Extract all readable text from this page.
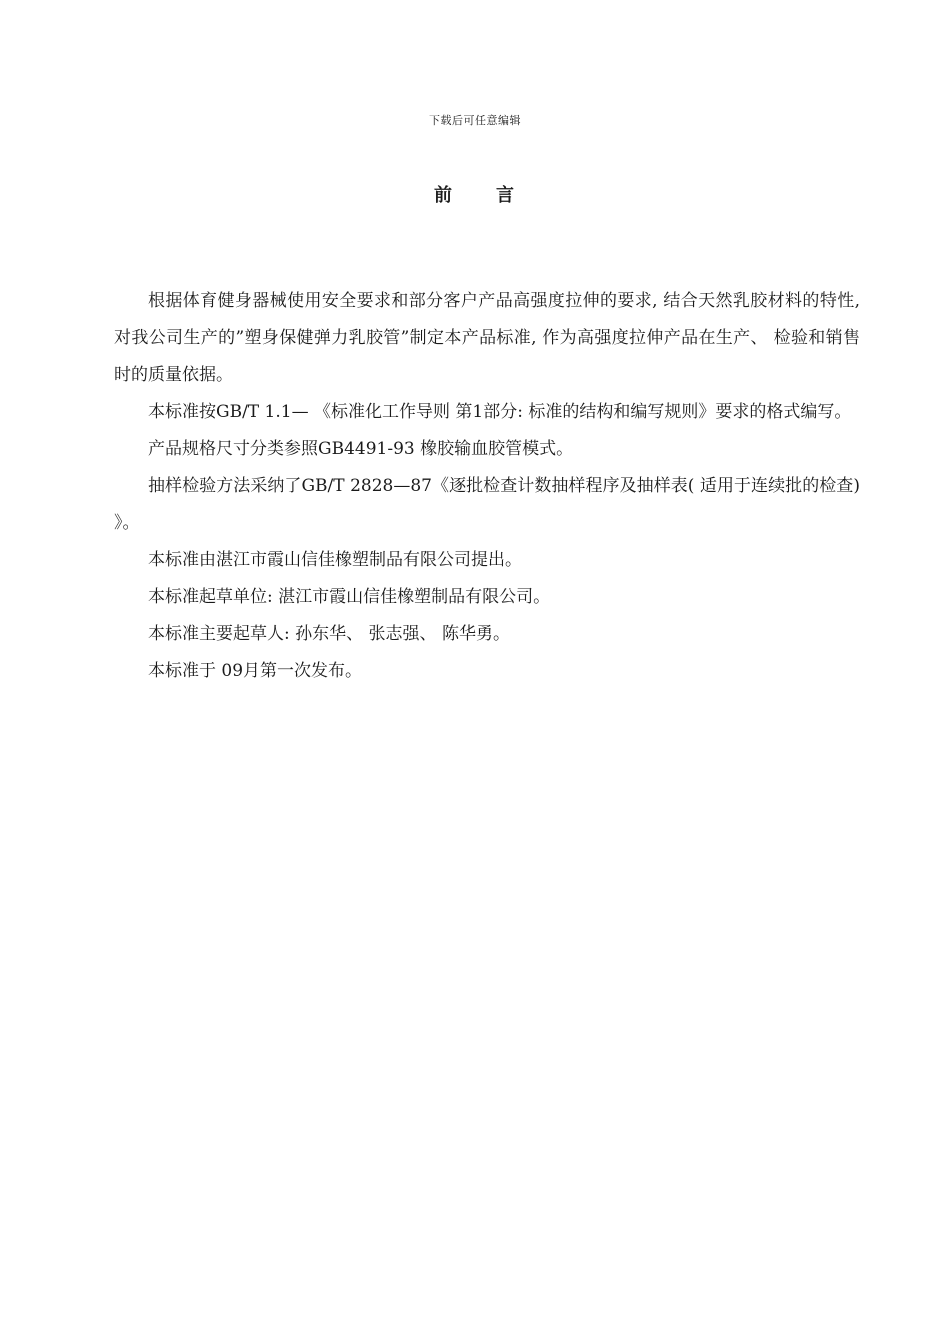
下载后可任意编辑
前 言

根据体育健身器械使用安全要求和部分客户产品高强度拉伸的要求, 结合天然乳胶材料的特性, 对我公司生产的”塑身保健弹力乳胶管”制定本产品标准, 作为高强度拉伸产品在生产、 检验和销售时的质量依据。

本标准按GB/T 1.1— 《标准化工作导则 第1部分: 标准的结构和编写规则》要求的格式编写。

产品规格尺寸分类参照GB4491-93 橡胶输血胶管模式。

抽样检验方法采纳了GB/T 2828—87《逐批检查计数抽样程序及抽样表( 适用于连续批的检查) 》。

本标准由湛江市霞山信佳橡塑制品有限公司提出。

本标准起草单位: 湛江市霞山信佳橡塑制品有限公司。

本标准主要起草人: 孙东华、 张志强、 陈华勇。

本标准于 09月第一次发布。
